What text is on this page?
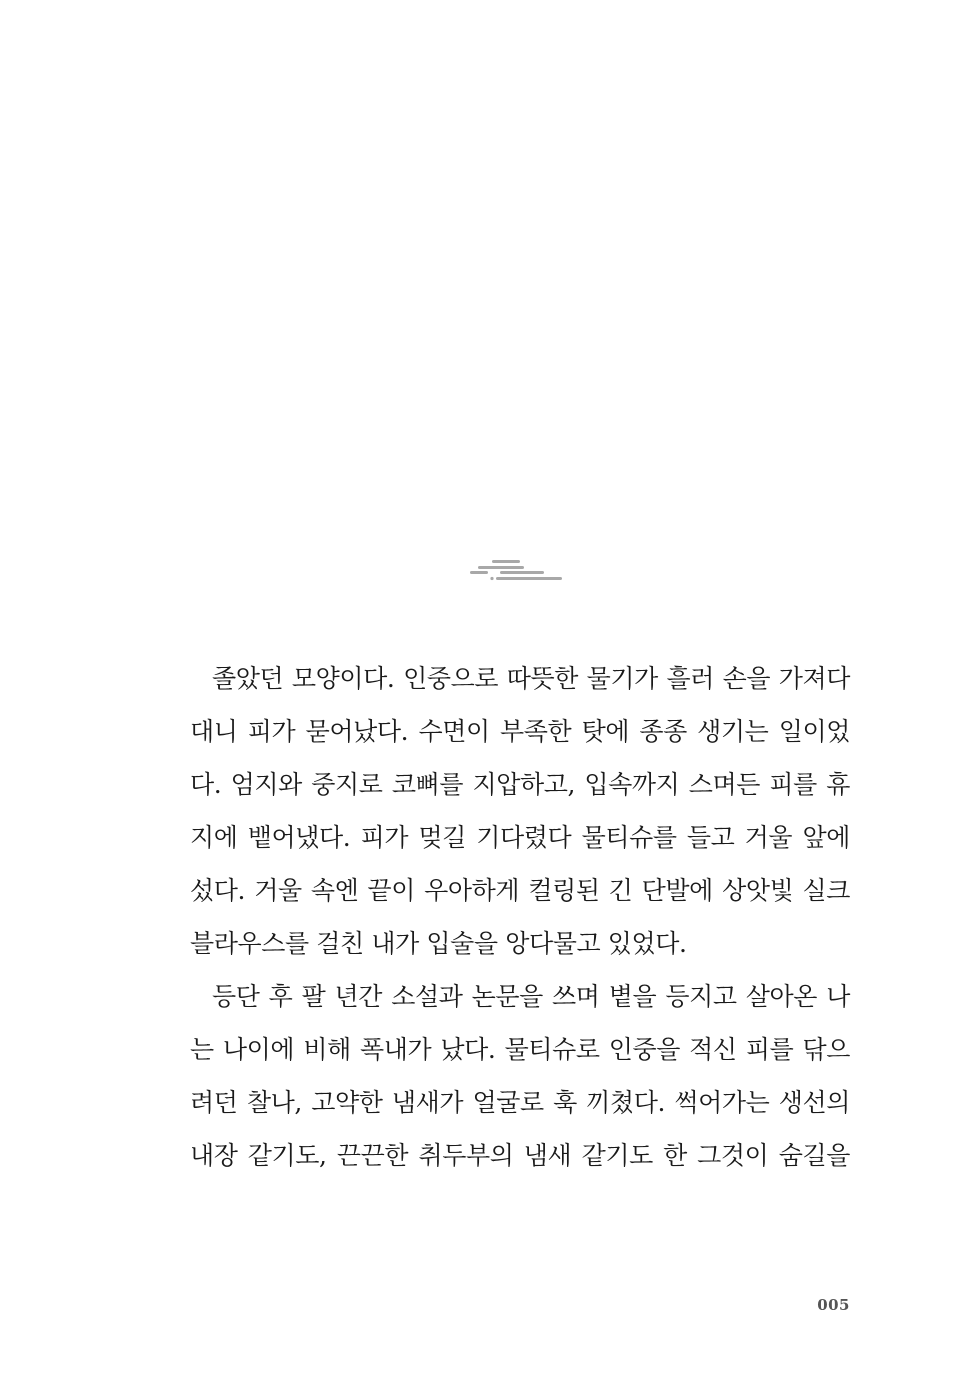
졸았던 모양이다. 인중으로 따뜻한 물기가 흘러 손을 가져다
대니 피가 묻어났다. 수면이 부족한 탓에 종종 생기는 일이었
다. 엄지와 중지로 코뼈를 지압하고, 입속까지 스며든 피를 휴
지에 뱉어냈다. 피가 멎길 기다렸다 물티슈를 들고 거울 앞에
섰다. 거울 속엔 끝이 우아하게 컬링된 긴 단발에 상앗빛 실크
블라우스를 걸친 내가 입술을 앙다물고 있었다.
등단 후 팔 년간 소설과 논문을 쓰며 볕을 등지고 살아온 나
는 나이에 비해 폭내가 났다. 물티슈로 인중을 적신 피를 닦으
려던 찰나, 고약한 냄새가 얼굴로 훅 끼쳤다. 썩어가는 생선의
내장 같기도, 끈끈한 취두부의 냄새 같기도 한 그것이 숨길을
005
